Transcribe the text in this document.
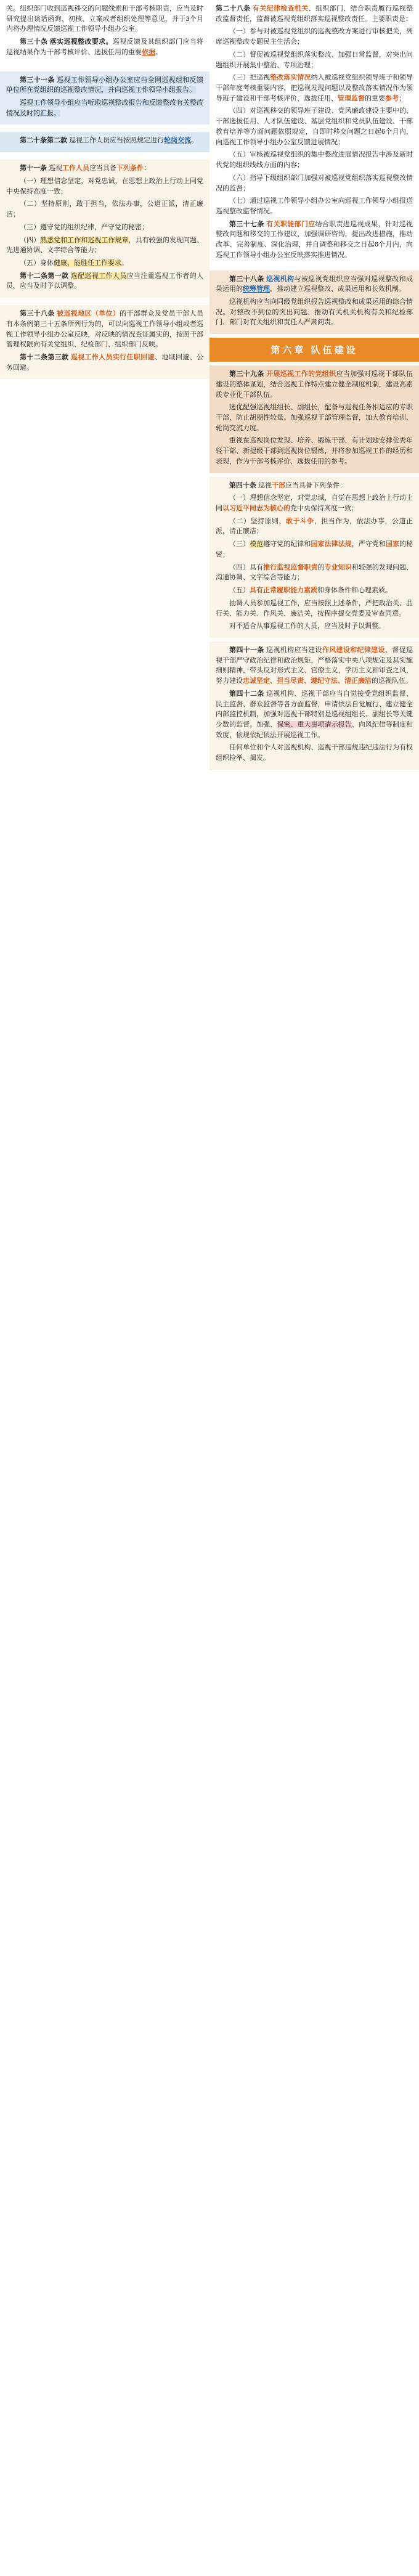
关。组织部门收到巡视移交的问题线索和干部考核职责，应当及时研究提出谈话函询、初核、立案或者组织处理等意见，并于3个月内将办理情况反馈巡视工作领导小组办公室。

第三十条 落实巡视整改要求。巡视反馈及其组织部门应当将巡视结果作为干部考核评价、选拔任用的重要依据。

第三十一条 巡视工作领导小组办公室应当全网巡视组和反馈单位所在党组织的巡视整改情况，并向巡视工作领导小组报告。

巡视工作领导小组应当听取巡视整改报告和反馈整改有关整改情况及时的汇报。

第二十条第二款 巡视工作人员应当按照规定进行轮岗交流。

第十一条 巡视工作人员应当具备下列条件：

（一）理想信念坚定，对党忠诚，在思想上政治上行动上同党中央保持高度一致；

（二）坚持原则，敢于担当，依法办事，公道正派，清正廉洁；

（三）遵守党的组织纪律，严守党的秘密；

（四）熟悉党和工作和巡视工作规章，具有较强的发现问题、先进通协调、文字综合等能力；

（五）身体健康，能胜任工作要求。

第十二条第一款 选配巡视工作人员应当注重巡视工作者的人员，应当及时予以调整。

第三十八条 被巡视地区（单位）的干部群众及党员干部人员有本条例第三十五条所列行为的，可以向巡视工作领导小组或者巡视工作领导小组办公室反映，对反映的情况查证属实的，按照干部管理权限向有关党组织、纪检部门、组织部门反映。

第十二条第三款 巡视工作人员实行任职回避、地域回避、公务回避。

第二十八条 有关纪律检查机关、组织部门、结合职责履行巡视整改监督责任，监督被巡视党组织落实巡视整改责任。主要职责是：

（一）参与对被巡视党组织的巡视整改方案进行审核把关，列席巡视整改专题民主生活会；

（二）督促被巡视党组织落实整改、加强日常监督，对突出问题组织开展集中整治、专项治理；

（三）把巡视整改落实情况纳入被巡视党组织领导班子和领导干部年度考核重要内容，把巡视发现问题以及整改落实情况作为领导班子建设和干部考核评价、选拔任用、管理监督的重要参考；

（四）对巡视移交的领导班子建设、党风廉政建设主要中的、干部选拔任用、人才队伍建设、基层党组织和党员队伍建设、干部教育培养等方面问题依照规定，自即时移交问题之日起6个月内，向巡视工作领导小组办公室反馈进展情况；

（五）审核被巡视党组织的集中整改进展情况报告中涉及新时代党的组织线线方面的内容；

（六）指导下级组织部门加强对被巡视党组织落实巡视整改情况的监督；

（七）通过巡视工作领导小组办公室向巡视工作领导小组报送巡视整改监督情况。

第三十七条 有关职能部门应结合职责进巡视成果，针对巡视整改问题和移交的工作建议，加强调研咨询，提出改进措施，推动改革、完善制度、深化治理，并自调整和移交之日起6个月内，向巡视工作领导小组办公室反映落实推进情况。

第三十八条 巡视机构与被巡视党组织应当强对巡视整改和成果运用的统筹管理，推动建立巡视整改、成果运用和长效机制。

巡视机构应当向同级党组织报告巡视整改和成果运用的综合情况。对整改不到位的突出问题、推动有关机关机构有关和纪检部门、部门对有关组织和责任人严肃问责。

第六章 队伍建设

第三十九条 开展巡视工作的党组织应当加强对巡视干部队伍建设的整体谋划，结合巡视工作特点建立健全制度机制，建设高素质专业化干部队伍。

选优配强巡视组组长、副组长，配备与巡视任务相适应的专职干部，防止胡期性较量。加强巡视干部管理监督，加大教育培训、轮岗交流力度。

重视在巡视岗位发现、培养、锻炼干部，有计划地安排优秀年轻干部、新提级干部到巡视岗位锻炼，并将参加巡视工作的经历和表现，作为干部考核评价、选拔任用的参考。

第四十条 巡视干部应当具备下列条件：

（一）理想信念坚定，对党忠诚，自觉在思想上政治上行动上同以习近平同志为核心的党中央保持高度一致；

（二）坚持原则，敢于斗争，担当作为，依法办事，公道正派，清正廉洁；

（三）模范遵守党的纪律和国家法律法规，严守党和国家的秘密；

（四）具有推行监视监督职责的专业知识和较强的发现问题、沟通协调、文字综合等能力；

（五）具有正常履职能力素质和身体条件和心理素质。

抽调人员参加巡视工作，应当按照上述条件，严把政治关、品行关、能力关、作风关、廉洁关，按程序提交党委及审查同意。

对不适合从事巡视工作的人员，应当及时予以调整。

第四十一条 巡视机构应当建设作风建设和纪律建设，督促巡视干部严守政治纪律和政治规矩，严格落实中央八项规定及其实施细则精神，带头反对形式主义、官僚主义，学历主义和审查之风，努力建设忠诚坚定、担当尽责、遵纪守法、清正廉洁的巡视队伍。

第四十二条 巡视机构、巡视干部应当自觉接受党组织监督、民主监督、群众监督等各方面监督，申请依法自觉履行、建立健全内部监控机制，加强对巡视干部特别是巡视组组长、副组长等关键少数的监督。加强、保密、重大事项请示报告、向风纪律等制度和效度，依规依纪依法开展巡视工作。

任何单位和个人对巡视机构、巡视干部违规违纪违法行为有权组织检举、揭发。
